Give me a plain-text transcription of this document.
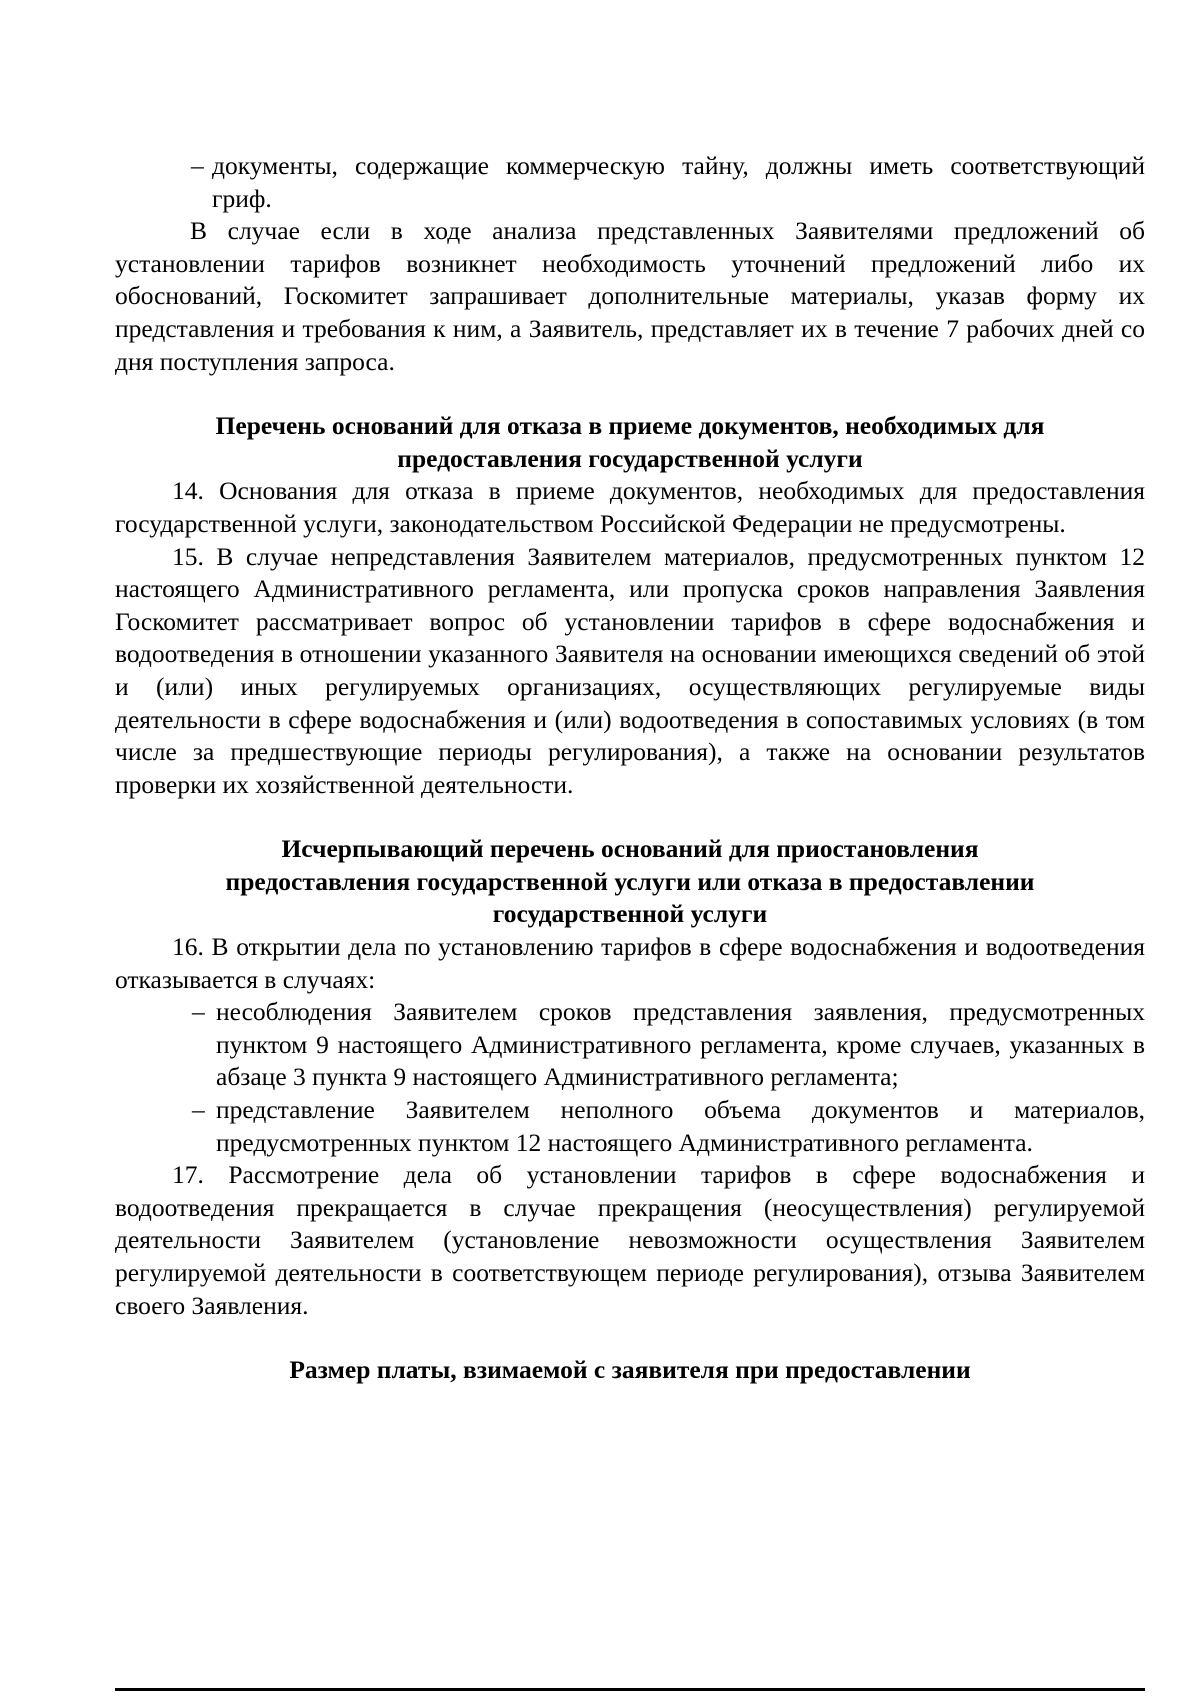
– документы, содержащие коммерческую тайну, должны иметь соответствующий гриф.

В случае если в ходе анализа представленных Заявителями предложений об установлении тарифов возникнет необходимость уточнений предложений либо их обоснований, Госкомитет запрашивает дополнительные материалы, указав форму их представления и требования к ним, а Заявитель, представляет их в течение 7 рабочих дней со дня поступления запроса.

Перечень оснований для отказа в приеме документов, необходимых для
предоставления государственной услуги

14. Основания для отказа в приеме документов, необходимых для предоставления государственной услуги, законодательством Российской Федерации не предусмотрены.

15. В случае непредставления Заявителем материалов, предусмотренных пунктом 12 настоящего Административного регламента, или пропуска сроков направления Заявления Госкомитет рассматривает вопрос об установлении тарифов в сфере водоснабжения и водоотведения в отношении указанного Заявителя на основании имеющихся сведений об этой и (или) иных регулируемых организациях, осуществляющих регулируемые виды деятельности в сфере водоснабжения и (или) водоотведения в сопоставимых условиях (в том числе за предшествующие периоды регулирования), а также на основании результатов проверки их хозяйственной деятельности.

Исчерпывающий перечень оснований для приостановления
предоставления государственной услуги или отказа в предоставлении
государственной услуги

16. В открытии дела по установлению тарифов в сфере водоснабжения и водоотведения отказывается в случаях:

– несоблюдения Заявителем сроков представления заявления, предусмотренных пунктом 9 настоящего Административного регламента, кроме случаев, указанных в абзаце 3 пункта 9 настоящего Административного регламента;
– представление Заявителем неполного объема документов и материалов, предусмотренных пунктом 12 настоящего Административного регламента.

17. Рассмотрение дела об установлении тарифов в сфере водоснабжения и водоотведения прекращается в случае прекращения (неосуществления) регулируемой деятельности Заявителем (установление невозможности осуществления Заявителем регулируемой деятельности в соответствующем периоде регулирования), отзыва Заявителем своего Заявления.

Размер платы, взимаемой с заявителя при предоставлении
